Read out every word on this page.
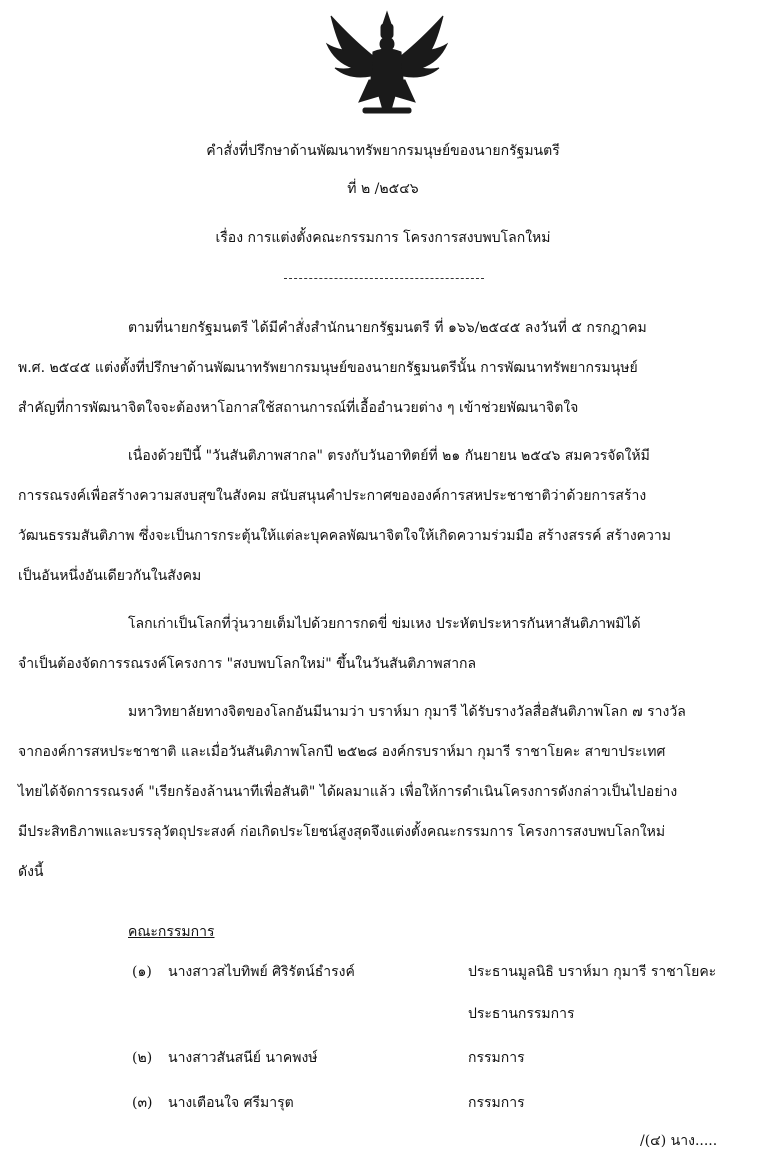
คำสั่งที่ปรึกษาด้านพัฒนาทรัพยากรมนุษย์ของนายกรัฐมนตรี
ที่ ๒ /๒๕๔๖
เรื่อง การแต่งตั้งคณะกรรมการ โครงการสงบพบโลกใหม่
ตามที่นายกรัฐมนตรี ได้มีคำสั่งสำนักนายกรัฐมนตรี ที่ ๑๖๖/๒๕๔๕ ลงวันที่ ๕ กรกฎาคม
พ.ศ. ๒๕๔๕ แต่งตั้งที่ปรึกษาด้านพัฒนาทรัพยากรมนุษย์ของนายกรัฐมนตรีนั้น การพัฒนาทรัพยากรมนุษย์
สำคัญที่การพัฒนาจิตใจจะต้องหาโอกาสใช้สถานการณ์ที่เอื้ออำนวยต่าง ๆ เข้าช่วยพัฒนาจิตใจ
เนื่องด้วยปีนี้ "วันสันติภาพสากล" ตรงกับวันอาทิตย์ที่ ๒๑ กันยายน ๒๕๔๖ สมควรจัดให้มี
การรณรงค์เพื่อสร้างความสงบสุขในสังคม สนับสนุนคำประกาศขององค์การสหประชาชาติว่าด้วยการสร้าง
วัฒนธรรมสันติภาพ ซึ่งจะเป็นการกระตุ้นให้แต่ละบุคคลพัฒนาจิตใจให้เกิดความร่วมมือ สร้างสรรค์ สร้างความ
เป็นอันหนึ่งอันเดียวกันในสังคม
โลกเก่าเป็นโลกที่วุ่นวายเต็มไปด้วยการกดขี่ ข่มเหง ประหัตประหารกันหาสันติภาพมิได้
จำเป็นต้องจัดการรณรงค์โครงการ "สงบพบโลกใหม่" ขึ้นในวันสันติภาพสากล
มหาวิทยาลัยทางจิตของโลกอันมีนามว่า บราห์มา กุมารี ได้รับรางวัลสื่อสันติภาพโลก ๗ รางวัล
จากองค์การสหประชาชาติ และเมื่อวันสันติภาพโลกปี ๒๕๒๘ องค์กรบราห์มา กุมารี ราชาโยคะ สาขาประเทศ
ไทยได้จัดการรณรงค์ "เรียกร้องล้านนาทีเพื่อสันติ" ได้ผลมาแล้ว เพื่อให้การดำเนินโครงการดังกล่าวเป็นไปอย่าง
มีประสิทธิภาพและบรรลุวัตถุประสงค์ ก่อเกิดประโยชน์สูงสุดจึงแต่งตั้งคณะกรรมการ โครงการสงบพบโลกใหม่
ดังนี้
คณะกรรมการ
(๑) นางสาวสไบทิพย์ ศิริรัตน์ธำรงค์	ประธานมูลนิธิ บราห์มา กุมารี ราชาโยคะ
ประธานกรรมการ
(๒) นางสาวสันสนีย์ นาคพงษ์	กรรมการ
(๓) นางเตือนใจ ศรีมารุต	กรรมการ
/(๔) นาง.....
